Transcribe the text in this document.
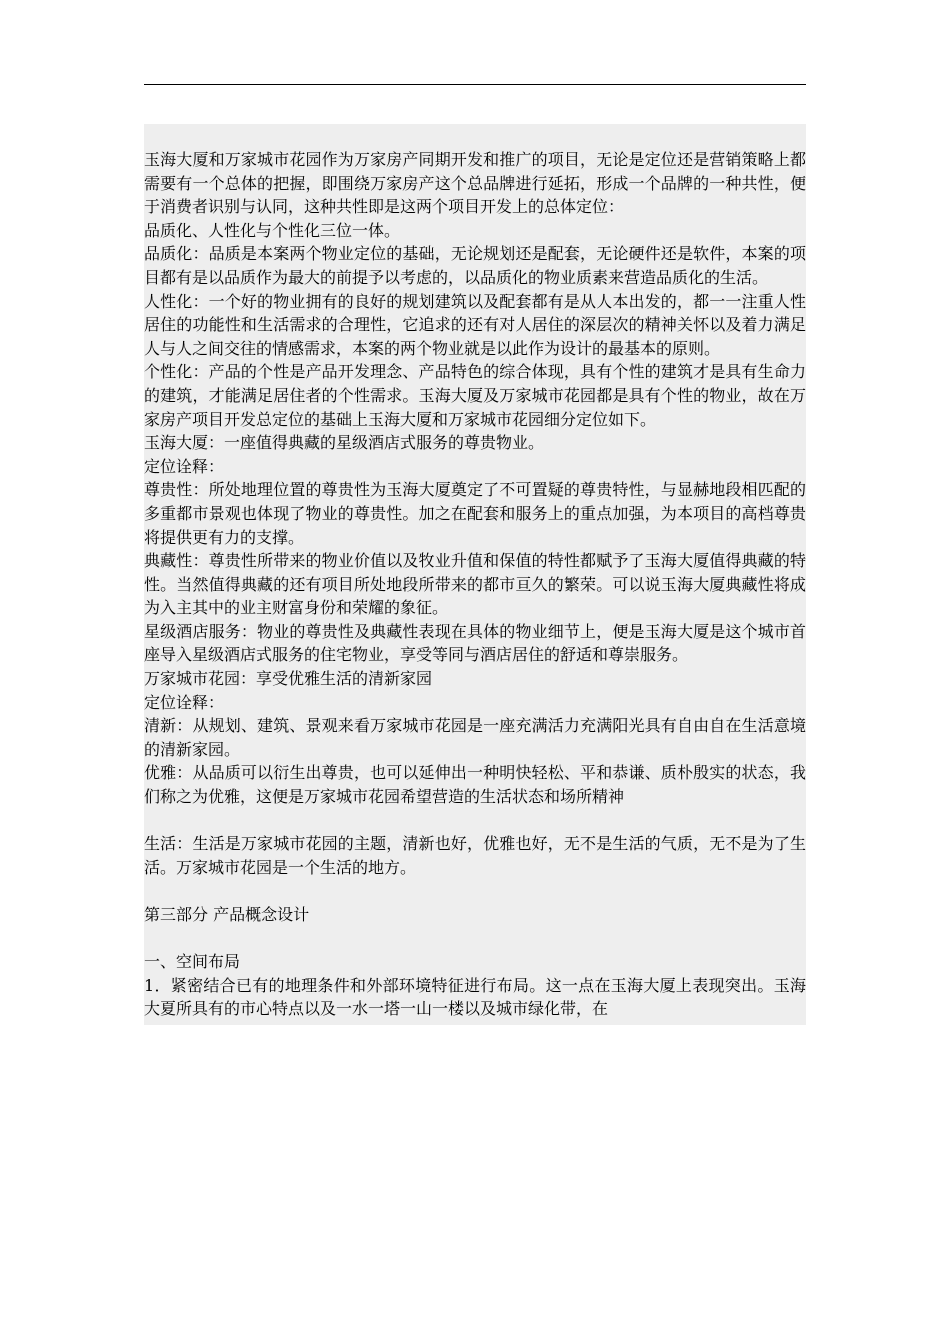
玉海大厦和万家城市花园作为万家房产同期开发和推广的项目，无论是定位还是营销策略上都需要有一个总体的把握，即围绕万家房产这个总品牌进行延拓，形成一个品牌的一种共性，便于消费者识别与认同，这种共性即是这两个项目开发上的总体定位：

品质化、人性化与个性化三位一体。

品质化：品质是本案两个物业定位的基础，无论规划还是配套，无论硬件还是软件，本案的项目都有是以品质作为最大的前提予以考虑的，以品质化的物业质素来营造品质化的生活。

人性化：一个好的物业拥有的良好的规划建筑以及配套都有是从人本出发的，都一一注重人性居住的功能性和生活需求的合理性，它追求的还有对人居住的深层次的精神关怀以及着力满足人与人之间交往的情感需求，本案的两个物业就是以此作为设计的最基本的原则。

个性化：产品的个性是产品开发理念、产品特色的综合体现，具有个性的建筑才是具有生命力的建筑，才能满足居住者的个性需求。玉海大厦及万家城市花园都是具有个性的物业，故在万家房产项目开发总定位的基础上玉海大厦和万家城市花园细分定位如下。

玉海大厦：一座值得典藏的星级酒店式服务的尊贵物业。

定位诠释：

尊贵性：所处地理位置的尊贵性为玉海大厦奠定了不可置疑的尊贵特性，与显赫地段相匹配的多重都市景观也体现了物业的尊贵性。加之在配套和服务上的重点加强，为本项目的高档尊贵将提供更有力的支撑。

典藏性：尊贵性所带来的物业价值以及牧业升值和保值的特性都赋予了玉海大厦值得典藏的特性。当然值得典藏的还有项目所处地段所带来的都市亘久的繁荣。可以说玉海大厦典藏性将成为入主其中的业主财富身份和荣耀的象征。

星级酒店服务：物业的尊贵性及典藏性表现在具体的物业细节上，便是玉海大厦是这个城市首座导入星级酒店式服务的住宅物业，享受等同与酒店居住的舒适和尊崇服务。

万家城市花园：享受优雅生活的清新家园

定位诠释：

清新：从规划、建筑、景观来看万家城市花园是一座充满活力充满阳光具有自由自在生活意境的清新家园。

优雅：从品质可以衍生出尊贵，也可以延伸出一种明快轻松、平和恭谦、质朴殷实的状态，我们称之为优雅，这便是万家城市花园希望营造的生活状态和场所精神

生活：生活是万家城市花园的主题，清新也好，优雅也好，无不是生活的气质，无不是为了生活。万家城市花园是一个生活的地方。

第三部分 产品概念设计

一、空间布局

1．紧密结合已有的地理条件和外部环境特征进行布局。这一点在玉海大厦上表现突出。玉海大夏所具有的市心特点以及一水一塔一山一楼以及城市绿化带，在
